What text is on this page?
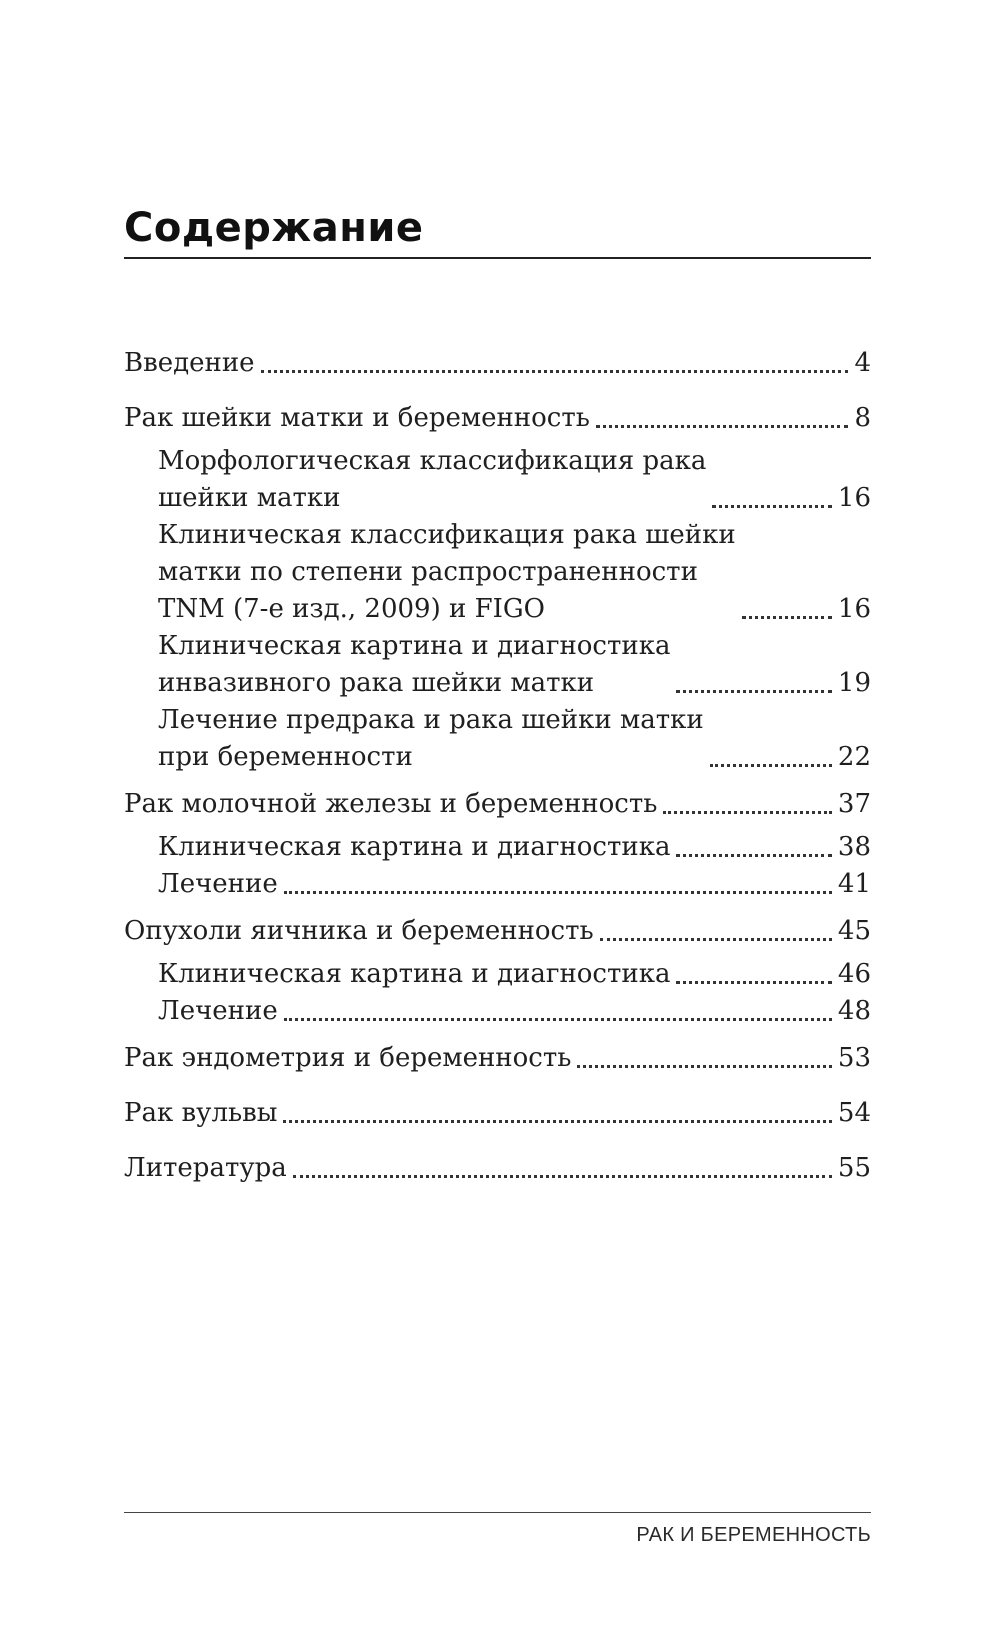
Содержание
Введение	4
Рак шейки матки и беременность	8
Морфологическая классификация рака
шейки матки	16
Клиническая классификация рака шейки
матки по степени распространенности
TNM (7-е изд., 2009) и FIGO	16
Клиническая картина и диагностика
инвазивного рака шейки матки	19
Лечение предрака и рака шейки матки
при беременности	22
Рак молочной железы и беременность	37
Клиническая картина и диагностика	38
Лечение	41
Опухоли яичника и беременность	45
Клиническая картина и диагностика	46
Лечение	48
Рак эндометрия и беременность	53
Рак вульвы	54
Литература	55

РАК И БЕРЕМЕННОСТЬ
